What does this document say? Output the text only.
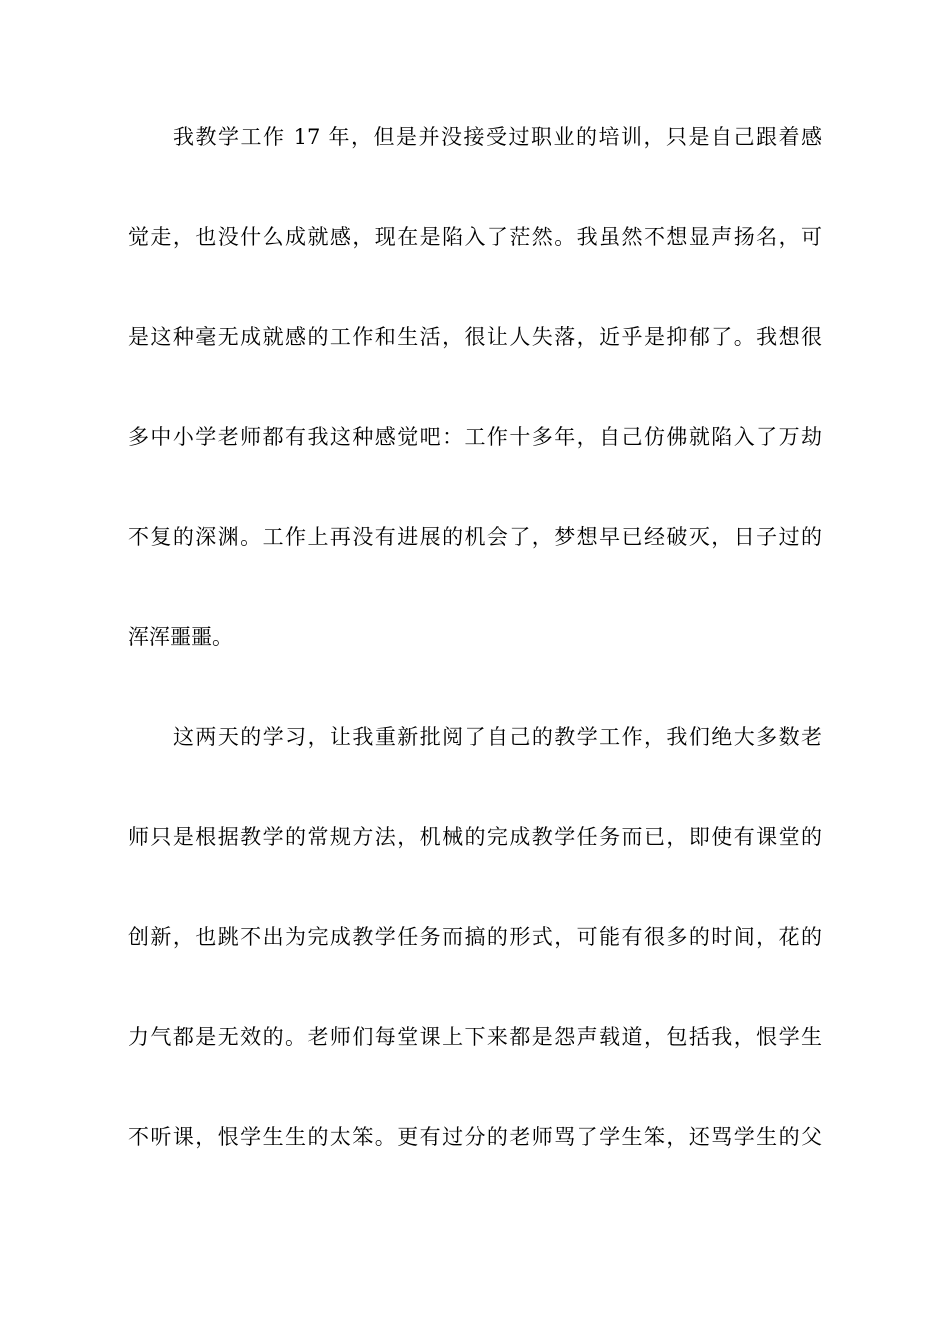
我教学工作 17 年，但是并没接受过职业的培训，只是自己跟着感
觉走，也没什么成就感，现在是陷入了茫然。我虽然不想显声扬名，可
是这种毫无成就感的工作和生活，很让人失落，近乎是抑郁了。我想很
多中小学老师都有我这种感觉吧：工作十多年，自己仿佛就陷入了万劫
不复的深渊。工作上再没有进展的机会了，梦想早已经破灭，日子过的
浑浑噩噩。
这两天的学习，让我重新批阅了自己的教学工作，我们绝大多数老
师只是根据教学的常规方法，机械的完成教学任务而已，即使有课堂的
创新，也跳不出为完成教学任务而搞的形式，可能有很多的时间，花的
力气都是无效的。老师们每堂课上下来都是怨声载道，包括我，恨学生
不听课，恨学生生的太笨。更有过分的老师骂了学生笨，还骂学生的父
